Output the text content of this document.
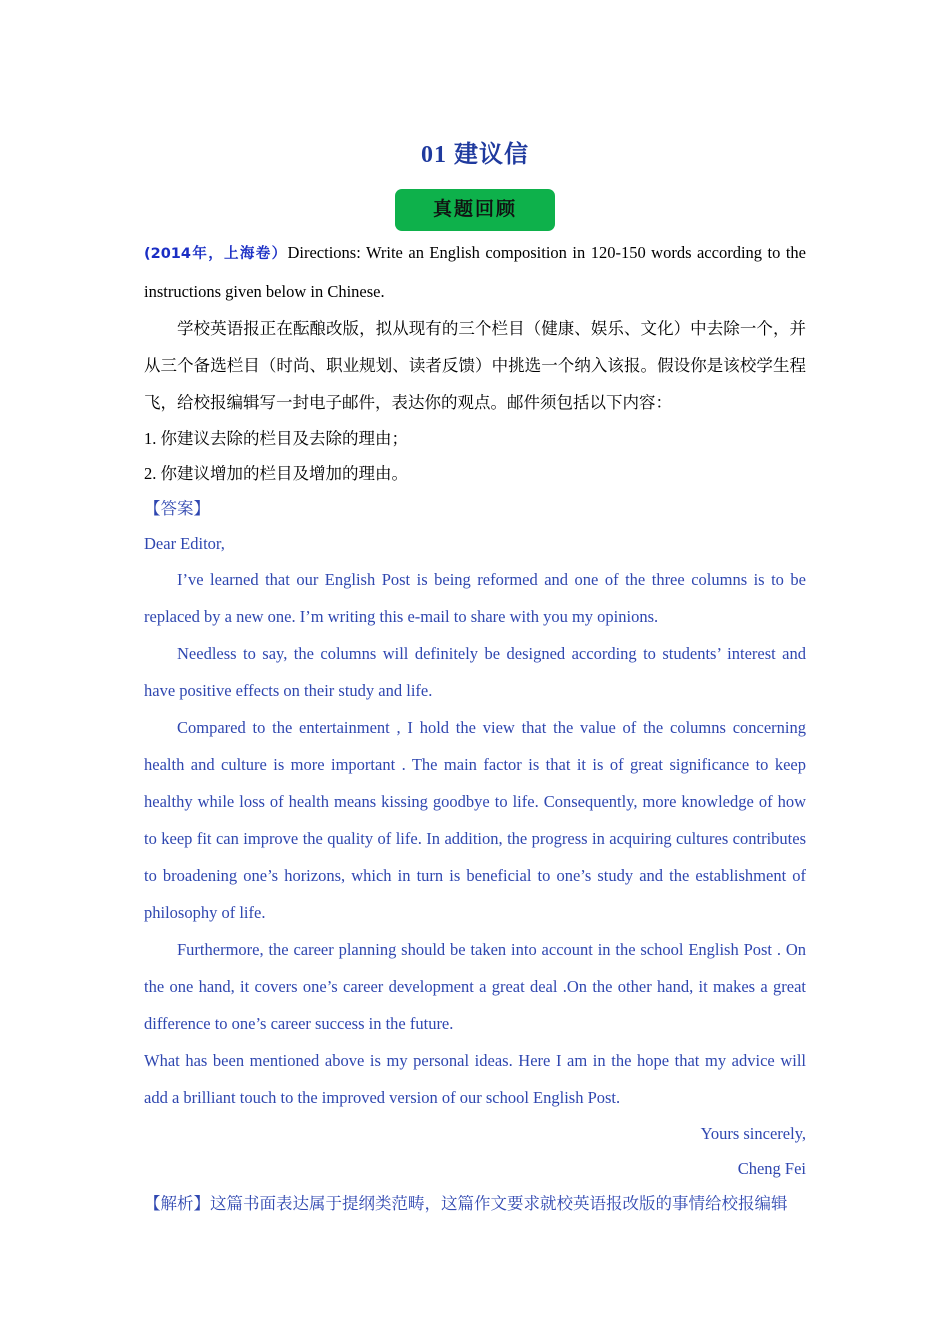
01 建议信
真题回顾

(2014年，上海卷）Directions: Write an English composition in 120-150 words according to the instructions given below in Chinese.

学校英语报正在酝酿改版，拟从现有的三个栏目（健康、娱乐、文化）中去除一个，并从三个备选栏目（时尚、职业规划、读者反馈）中挑选一个纳入该报。假设你是该校学生程飞，给校报编辑写一封电子邮件，表达你的观点。邮件须包括以下内容：

1. 你建议去除的栏目及去除的理由；

2. 你建议增加的栏目及增加的理由。

【答案】

Dear Editor,

I’ve learned that our English Post is being reformed and one of the three columns is to be replaced by a new one. I’m writing this e-mail to share with you my opinions.

Needless to say, the columns will definitely be designed according to students’ interest and have positive effects on their study and life.

Compared to the entertainment , I hold the view that the value of the columns concerning health and culture is more important . The main factor is that it is of great significance to keep healthy while loss of health means kissing goodbye to life. Consequently, more knowledge of how to keep fit can improve the quality of life. In addition, the progress in acquiring cultures contributes to broadening one’s horizons, which in turn is beneficial to one’s study and the establishment of philosophy of life.

Furthermore, the career planning should be taken into account in the school English Post . On the one hand, it covers one’s career development a great deal .On the other hand, it makes a great difference to one’s career success in the future.

What has been mentioned above is my personal ideas. Here I am in the hope that my advice will add a brilliant touch to the improved version of our school English Post.

Yours sincerely,

Cheng Fei

【解析】这篇书面表达属于提纲类范畴，这篇作文要求就校英语报改版的事情给校报编辑
